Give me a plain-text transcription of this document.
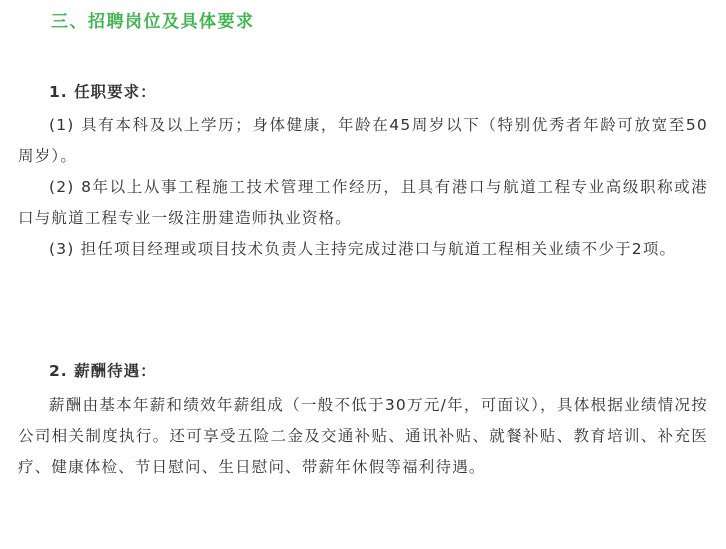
三、招聘岗位及具体要求
1. 任职要求：
(1) 具有本科及以上学历；身体健康，年龄在45周岁以下（特别优秀者年龄可放宽至50周岁）。
(2) 8年以上从事工程施工技术管理工作经历，且具有港口与航道工程专业高级职称或港口与航道工程专业一级注册建造师执业资格。
(3) 担任项目经理或项目技术负责人主持完成过港口与航道工程相关业绩不少于2项。
2. 薪酬待遇：
薪酬由基本年薪和绩效年薪组成（一般不低于30万元/年，可面议），具体根据业绩情况按公司相关制度执行。还可享受五险二金及交通补贴、通讯补贴、就餐补贴、教育培训、补充医疗、健康体检、节日慰问、生日慰问、带薪年休假等福利待遇。
